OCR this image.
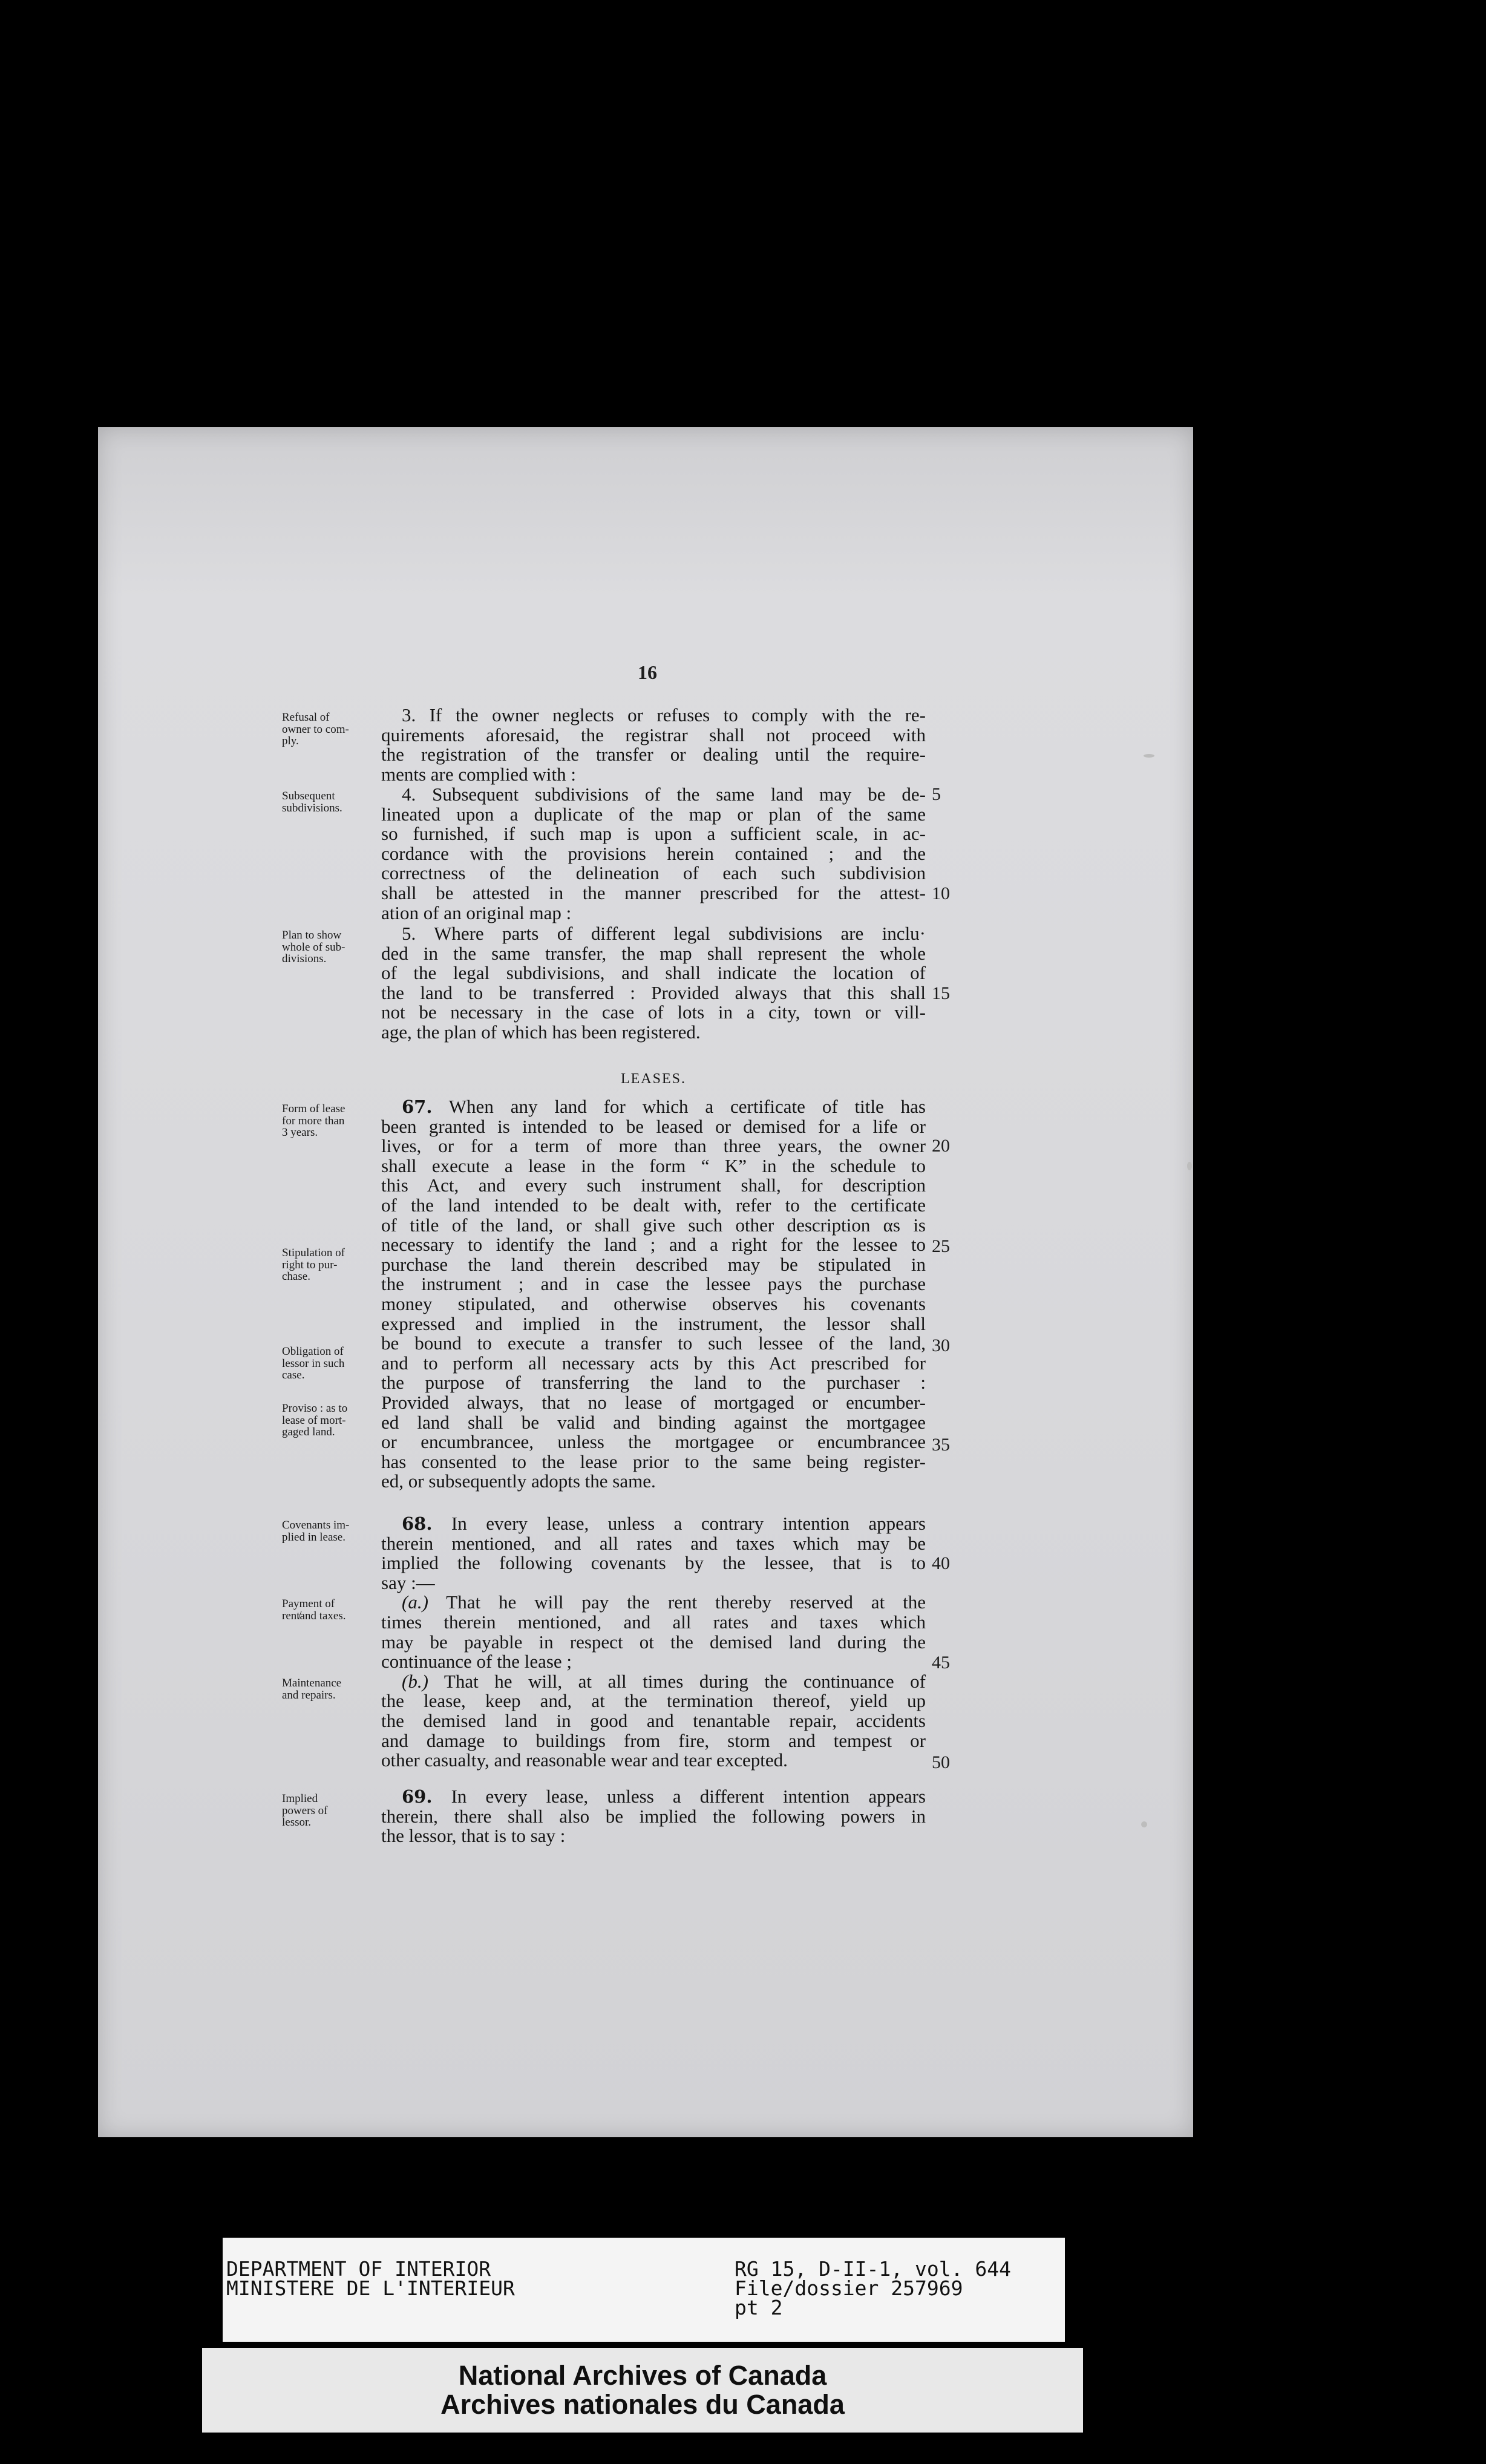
16
3. If the owner neglects or refuses to comply with the re-
quirements aforesaid, the registrar shall not proceed with
the registration of the transfer or dealing until the require-
ments are complied with :
4. Subsequent subdivisions of the same land may be de-
lineated upon a duplicate of the map or plan of the same
so furnished, if such map is upon a sufficient scale, in ac-
cordance with the provisions herein contained ; and the
correctness of the delineation of each such subdivision
shall be attested in the manner prescribed for the attest-
ation of an original map :
5. Where parts of different legal subdivisions are inclu·
ded in the same transfer, the map shall represent the whole
of the legal subdivisions, and shall indicate the location of
the land to be transferred : Provided always that this shall
not be necessary in the case of lots in a city, town or vill-
age, the plan of which has been registered.
LEASES.
67. When any land for which a certificate of title has
been granted is intended to be leased or demised for a life or
lives, or for a term of more than three years, the owner
shall execute a lease in the form “ K” in the schedule to
this Act, and every such instrument shall, for description
of the land intended to be dealt with, refer to the certificate
of title of the land, or shall give such other description αs is
necessary to identify the land ; and a right for the lessee to
purchase the land therein described may be stipulated in
the instrument ; and in case the lessee pays the purchase
money stipulated, and otherwise observes his covenants
expressed and implied in the instrument, the lessor shall
be bound to execute a transfer to such lessee of the land,
and to perform all necessary acts by this Act prescribed for
the purpose of transferring the land to the purchaser :
Provided always, that no lease of mortgaged or encumber-
ed land shall be valid and binding against the mortgagee
or encumbrancee, unless the mortgagee or encumbrancee
has consented to the lease prior to the same being register-
ed, or subsequently adopts the same.
68. In every lease, unless a contrary intention appears
therein mentioned, and all rates and taxes which may be
implied the following covenants by the lessee, that is to
say :—
(a.) That he will pay the rent thereby reserved at the
times therein mentioned, and all rates and taxes which
may be payable in respect ot the demised land during the
continuance of the lease ;
(b.) That he will, at all times during the continuance of
the lease, keep and, at the termination thereof, yield up
the demised land in good and tenantable repair, accidents
and damage to buildings from fire, storm and tempest or
other casualty, and reasonable wear and tear excepted.
69. In every lease, unless a different intention appears
therein, there shall also be implied the following powers in
the lessor, that is to say :
Refusal of
owner to com-
ply.
Subsequent
subdivisions.
Plan to show
whole of sub-
divisions.
Form of lease
for more than
3 years.
Stipulation of
right to pur-
chase.
Obligation of
lessor in such
case.
Proviso : as to
lease of mort-
gaged land.
Covenants im-
plied in lease.
Payment of
rent̸and taxes.
Maintenance
and repairs.
Implied
powers of
lessor.
5
10
15
20
25
30
35
40
45
50
DEPARTMENT OF INTERIOR
MINISTERE DE L'INTERIEUR
RG 15, D-II-1, vol. 644
File/dossier 257969
pt 2
National Archives of Canada
Archives nationales du Canada
